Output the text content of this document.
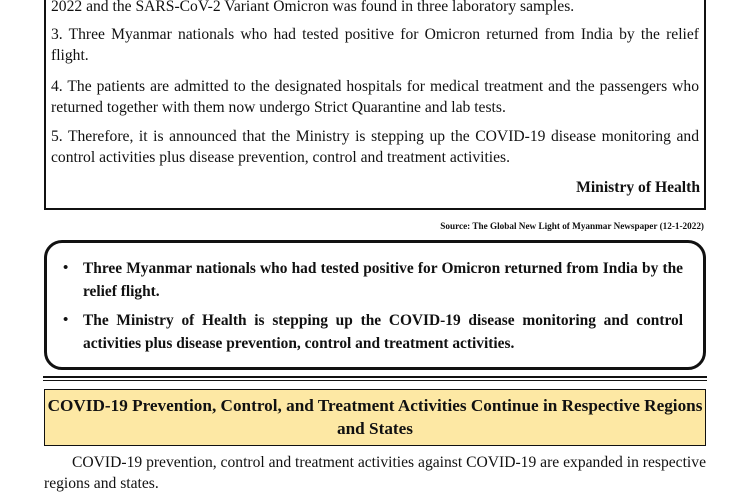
2022 and the SARS-CoV-2 Variant Omicron was found in three laboratory samples.

3. Three Myanmar nationals who had tested positive for Omicron returned from India by the relief flight.

4. The patients are admitted to the designated hospitals for medical treatment and the passengers who returned together with them now undergo Strict Quarantine and lab tests.

5. Therefore, it is announced that the Ministry is stepping up the COVID-19 disease monitoring and control activities plus disease prevention, control and treatment activities.

Ministry of Health
Source: The Global New Light of Myanmar Newspaper (12-1-2022)
• Three Myanmar nationals who had tested positive for Omicron returned from India by the relief flight.
• The Ministry of Health is stepping up the COVID-19 disease monitoring and control activities plus disease prevention, control and treatment activities.
COVID-19 Prevention, Control, and Treatment Activities Continue in Respective Regions and States

COVID-19 prevention, control and treatment activities against COVID-19 are expanded in respective regions and states.
